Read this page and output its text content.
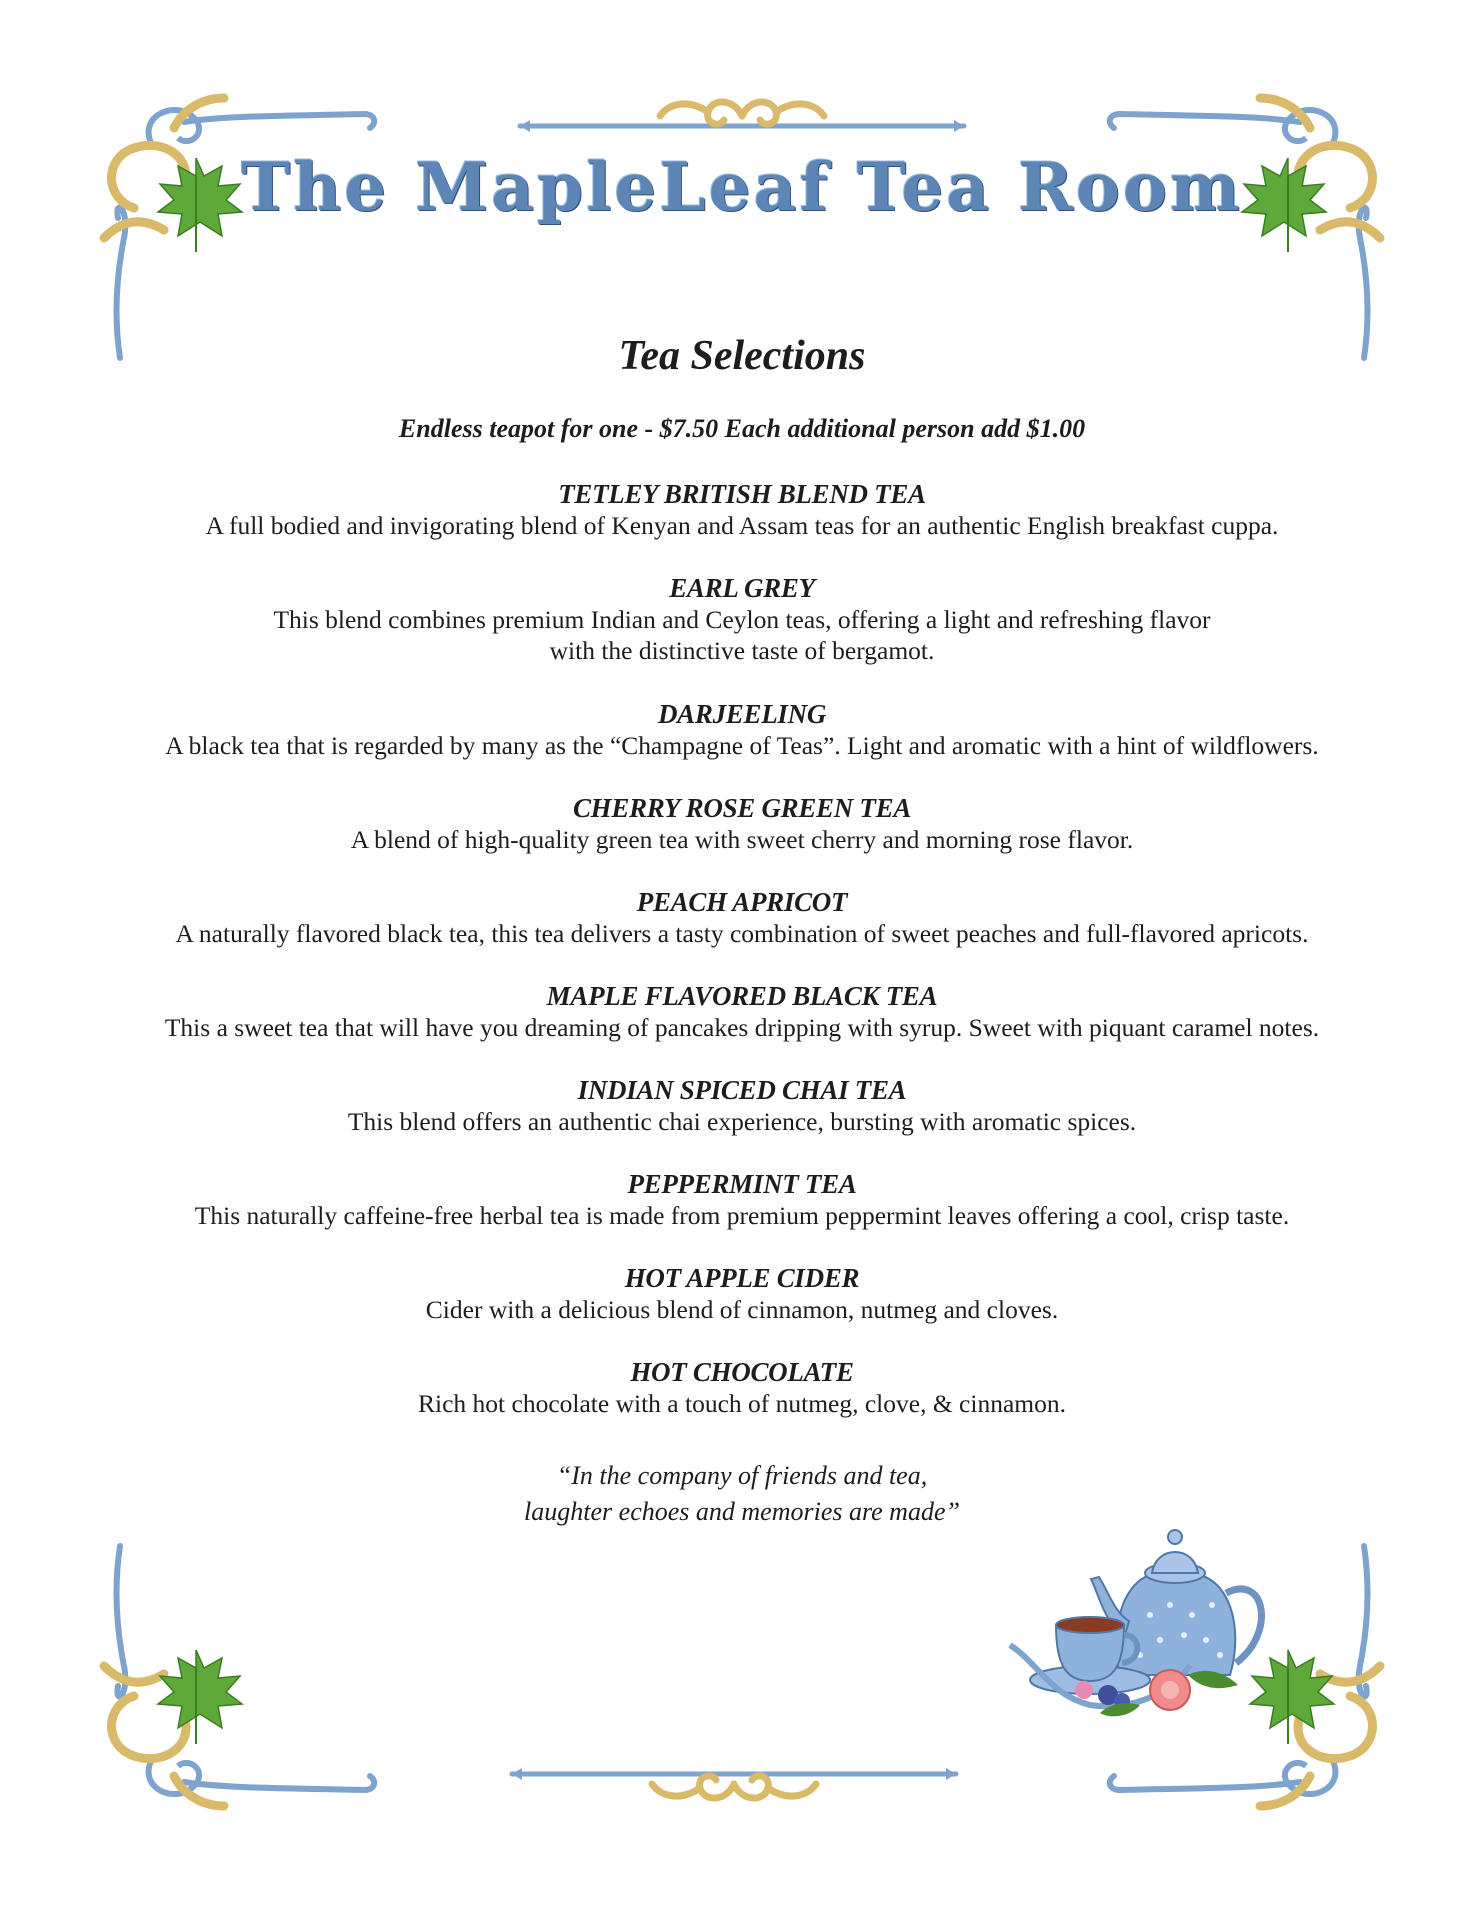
The MapleLeaf Tea Room
Tea Selections

Endless teapot for one - $7.50 Each additional person add $1.00

TETLEY BRITISH BLEND TEA
A full bodied and invigorating blend of Kenyan and Assam teas for an authentic English breakfast cuppa.
EARL GREY
This blend combines premium Indian and Ceylon teas, offering a light and refreshing flavor
with the distinctive taste of bergamot.
DARJEELING
A black tea that is regarded by many as the “Champagne of Teas”. Light and aromatic with a hint of wildflowers.
CHERRY ROSE GREEN TEA
A blend of high-quality green tea with sweet cherry and morning rose flavor.
PEACH APRICOT
A naturally flavored black tea, this tea delivers a tasty combination of sweet peaches and full-flavored apricots.
MAPLE FLAVORED BLACK TEA
This a sweet tea that will have you dreaming of pancakes dripping with syrup. Sweet with piquant caramel notes.
INDIAN SPICED CHAI TEA
This blend offers an authentic chai experience, bursting with aromatic spices.
PEPPERMINT TEA
This naturally caffeine-free herbal tea is made from premium peppermint leaves offering a cool, crisp taste.
HOT APPLE CIDER
Cider with a delicious blend of cinnamon, nutmeg and cloves.
HOT CHOCOLATE
Rich hot chocolate with a touch of nutmeg, clove, & cinnamon.
“In the company of friends and tea,
laughter echoes and memories are made”
